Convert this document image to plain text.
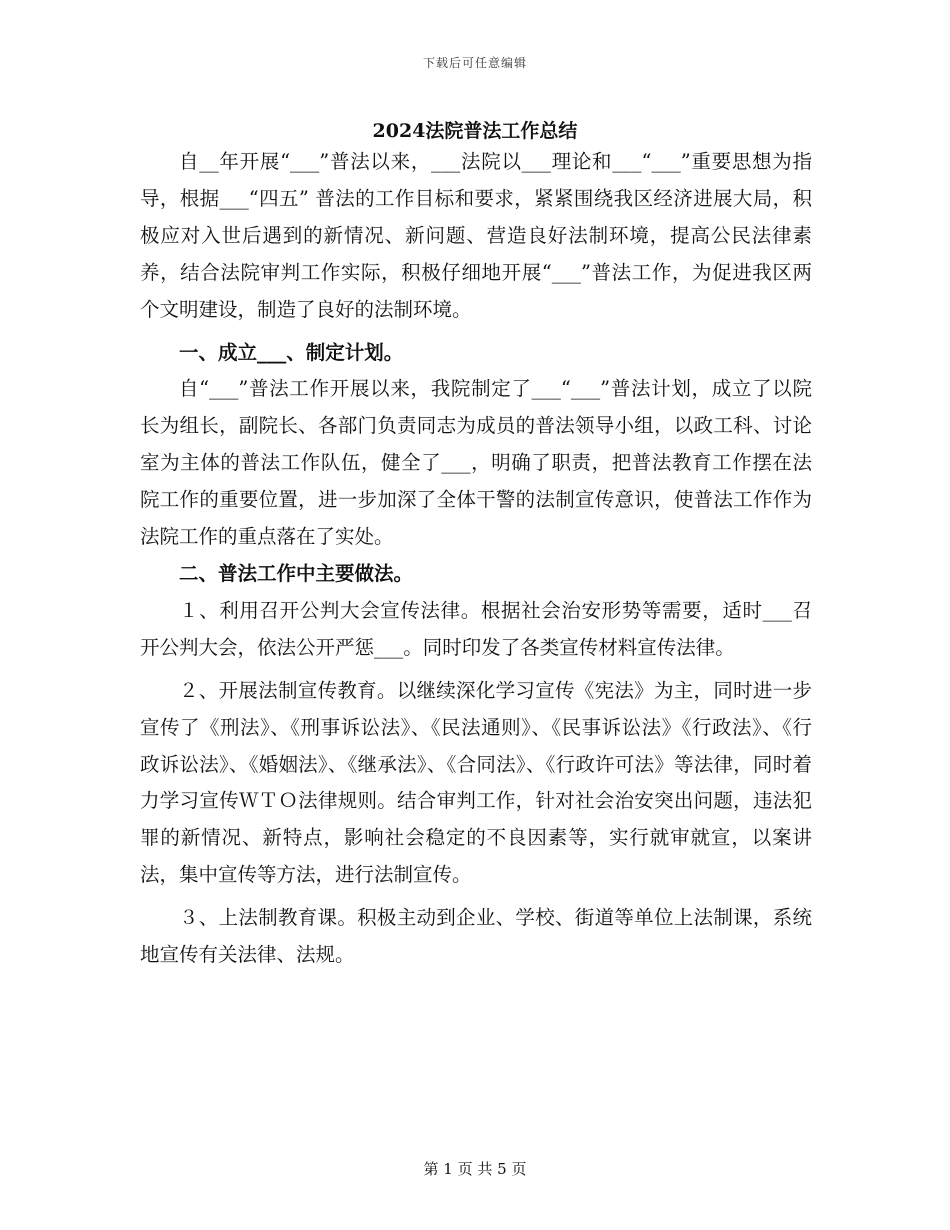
下载后可任意编辑
2024法院普法工作总结

自__年开展“___”普法以来，___法院以___理论和___“___”重要思想为指导，根据___“四五” 普法的工作目标和要求，紧紧围绕我区经济进展大局，积极应对入世后遇到的新情况、新问题、营造良好法制环境，提高公民法律素养，结合法院审判工作实际，积极仔细地开展“___”普法工作，为促进我区两个文明建设，制造了良好的法制环境。

一、成立___、制定计划。

自“___”普法工作开展以来，我院制定了___“___”普法计划，成立了以院长为组长，副院长、各部门负责同志为成员的普法领导小组，以政工科、讨论室为主体的普法工作队伍，健全了___，明确了职责，把普法教育工作摆在法院工作的重要位置，进一步加深了全体干警的法制宣传意识，使普法工作作为法院工作的重点落在了实处。

二、普法工作中主要做法。

１、利用召开公判大会宣传法律。根据社会治安形势等需要，适时___召开公判大会，依法公开严惩___。同时印发了各类宣传材料宣传法律。

２、开展法制宣传教育。以继续深化学习宣传《宪法》为主，同时进一步宣传了《刑法》、《刑事诉讼法》、《民法通则》、《民事诉讼法》《行政法》、《行政诉讼法》、《婚姻法》、《继承法》、《合同法》、《行政许可法》等法律，同时着力学习宣传ＷＴＯ法律规则。结合审判工作，针对社会治安突出问题，违法犯罪的新情况、新特点，影响社会稳定的不良因素等，实行就审就宣，以案讲法，集中宣传等方法，进行法制宣传。

３、上法制教育课。积极主动到企业、学校、街道等单位上法制课，系统地宣传有关法律、法规。

第 1 页 共 5 页
